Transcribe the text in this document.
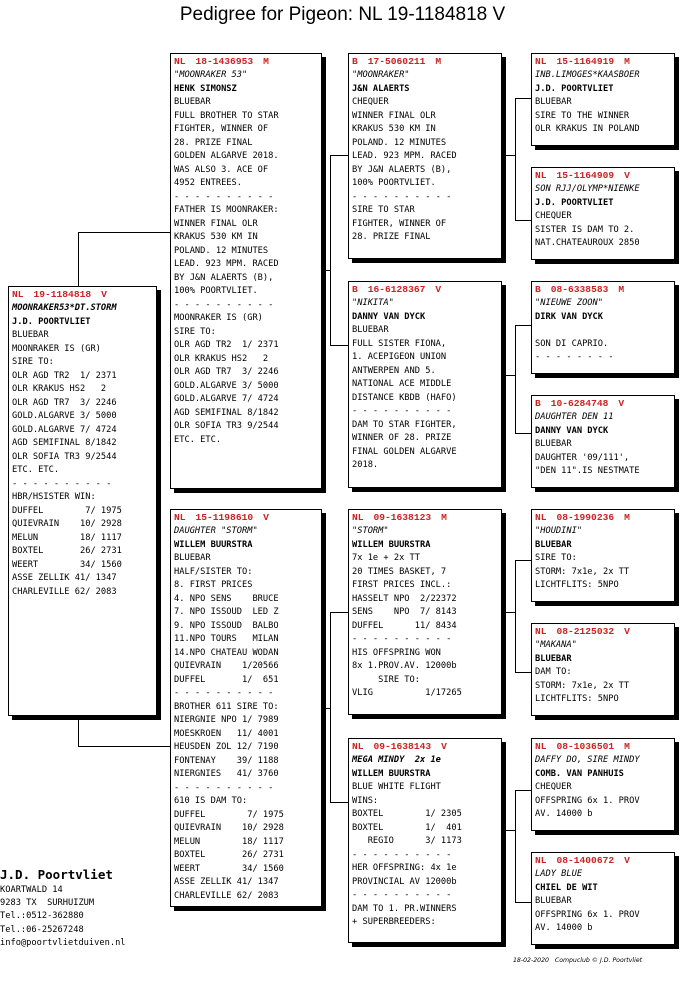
Pedigree for Pigeon: NL 19-1184818 V
NL 19-1184818 V
MOONRAKER53*DT.STORM
J.D. POORTVLIET
BLUEBAR
MOONRAKER IS (GR)
SIRE TO:
OLR AGD TR2  1/ 2371
OLR KRAKUS HS2   2
OLR AGD TR7  3/ 2246
GOLD.ALGARVE 3/ 5000
GOLD.ALGARVE 7/ 4724
AGD SEMIFINAL 8/1842
OLR SOFIA TR3 9/2544
ETC. ETC.
- - - - - - - - - -
HBR/HSISTER WIN:
DUFFEL        7/ 1975
QUIEVRAIN    10/ 2928
MELUN        18/ 1117
BOXTEL       26/ 2731
WEERT        34/ 1560
ASSE ZELLIK 41/ 1347
CHARLEVILLE 62/ 2083
NL 18-1436953 M
"MOONRAKER 53"
HENK SIMONSZ
BLUEBAR
FULL BROTHER TO STAR
FIGHTER, WINNER OF
28. PRIZE FINAL
GOLDEN ALGARVE 2018.
WAS ALSO 3. ACE OF
4952 ENTREES.
- - - - - - - - - -
FATHER IS MOONRAKER:
WINNER FINAL OLR
KRAKUS 530 KM IN
POLAND. 12 MINUTES
LEAD. 923 MPM. RACED
BY J&N ALAERTS (B),
100% POORTVLIET.
- - - - - - - - - -
MOONRAKER IS (GR)
SIRE TO:
OLR AGD TR2  1/ 2371
OLR KRAKUS HS2   2
OLR AGD TR7  3/ 2246
GOLD.ALGARVE 3/ 5000
GOLD.ALGARVE 7/ 4724
AGD SEMIFINAL 8/1842
OLR SOFIA TR3 9/2544
ETC. ETC.
NL 15-1198610 V
DAUGHTER "STORM"
WILLEM BUURSTRA
BLUEBAR
HALF/SISTER TO:
8. FIRST PRICES
4. NPO SENS    BRUCE
7. NPO ISSOUD  LED Z
9. NPO ISSOUD  BALBO
11.NPO TOURS   MILAN
14.NPO CHATEAU WODAN
QUIEVRAIN    1/20566
DUFFEL       1/  651
- - - - - - - - - -
BROTHER 611 SIRE TO:
NIERGNIE NPO 1/ 7989
MOESKROEN   11/ 4001
HEUSDEN ZOL 12/ 7190
FONTENAY    39/ 1188
NIERGNIES   41/ 3760
- - - - - - - - - -
610 IS DAM TO:
DUFFEL        7/ 1975
QUIEVRAIN    10/ 2928
MELUN        18/ 1117
BOXTEL       26/ 2731
WEERT        34/ 1560
ASSE ZELLIK 41/ 1347
CHARLEVILLE 62/ 2083
B 17-5060211 M
"MOONRAKER"
J&N ALAERTS
CHEQUER
WINNER FINAL OLR
KRAKUS 530 KM IN
POLAND. 12 MINUTES
LEAD. 923 MPM. RACED
BY J&N ALAERTS (B),
100% POORTVLIET.
- - - - - - - - - -
SIRE TO STAR
FIGHTER, WINNER OF
28. PRIZE FINAL
B 16-6128367 V
"NIKITA"
DANNY VAN DYCK
BLUEBAR
FULL SISTER FIONA,
1. ACEPIGEON UNION
ANTWERPEN AND 5.
NATIONAL ACE MIDDLE
DISTANCE KBDB (HAFO)
- - - - - - - - - -
DAM TO STAR FIGHTER,
WINNER OF 28. PRIZE
FINAL GOLDEN ALGARVE
2018.
NL 09-1638123 M
"STORM"
WILLEM BUURSTRA
7x 1e + 2x TT
20 TIMES BASKET, 7
FIRST PRICES INCL.:
HASSELT NPO  2/22372
SENS    NPO  7/ 8143
DUFFEL      11/ 8434
- - - - - - - - - -
HIS OFFSPRING WON
8x 1.PROV.AV. 12000b
SIRE TO:
VLIG          1/17265
NL 09-1638143 V
MEGA MINDY  2x 1e
WILLEM BUURSTRA
BLUE WHITE FLIGHT
WINS:
BOXTEL        1/ 2305
BOXTEL        1/  401
REGIO      3/ 1173
- - - - - - - - - -
HER OFFSPRING: 4x 1e
PROVINCIAL AV 12000b
- - - - - - - - - -
DAM TO 1. PR.WINNERS
+ SUPERBREEDERS:
NL 15-1164919 M
INB.LIMOGES*KAASBOER
J.D. POORTVLIET
BLUEBAR
SIRE TO THE WINNER
OLR KRAKUS IN POLAND
NL 15-1164909 V
SON RJJ/OLYMP*NIENKE
J.D. POORTVLIET
CHEQUER
SISTER IS DAM TO 2.
NAT.CHATEAUROUX 2850
B 08-6338583 M
"NIEUWE ZOON"
DIRK VAN DYCK
SON DI CAPRIO.
- - - - - - - -
B 10-6284748 V
DAUGHTER DEN 11
DANNY VAN DYCK
BLUEBAR
DAUGHTER '09/111',
"DEN 11".IS NESTMATE
NL 08-1990236 M
"HOUDINI"
BLUEBAR
SIRE TO:
STORM: 7x1e, 2x TT
LICHTFLITS: 5NPO
NL 08-2125032 V
"MAKANA"
BLUEBAR
DAM TO:
STORM: 7x1e, 2x TT
LICHTFLITS: 5NPO
NL 08-1036501 M
DAFFY DO, SIRE MINDY
COMB. VAN PANHUIS
CHEQUER
OFFSPRING 6x 1. PROV
AV. 14000 b
NL 08-1400672 V
LADY BLUE
CHIEL DE WIT
BLUEBAR
OFFSPRING 6x 1. PROV
AV. 14000 b
J.D. Poortvliet
KOARTWALD 14
9283 TX  SURHUIZUM
Tel.:0512-362880
Tel.:06-25267248
info@poortvlietduiven.nl
18-02-2020 Compuclub © J.D. Poortvliet
